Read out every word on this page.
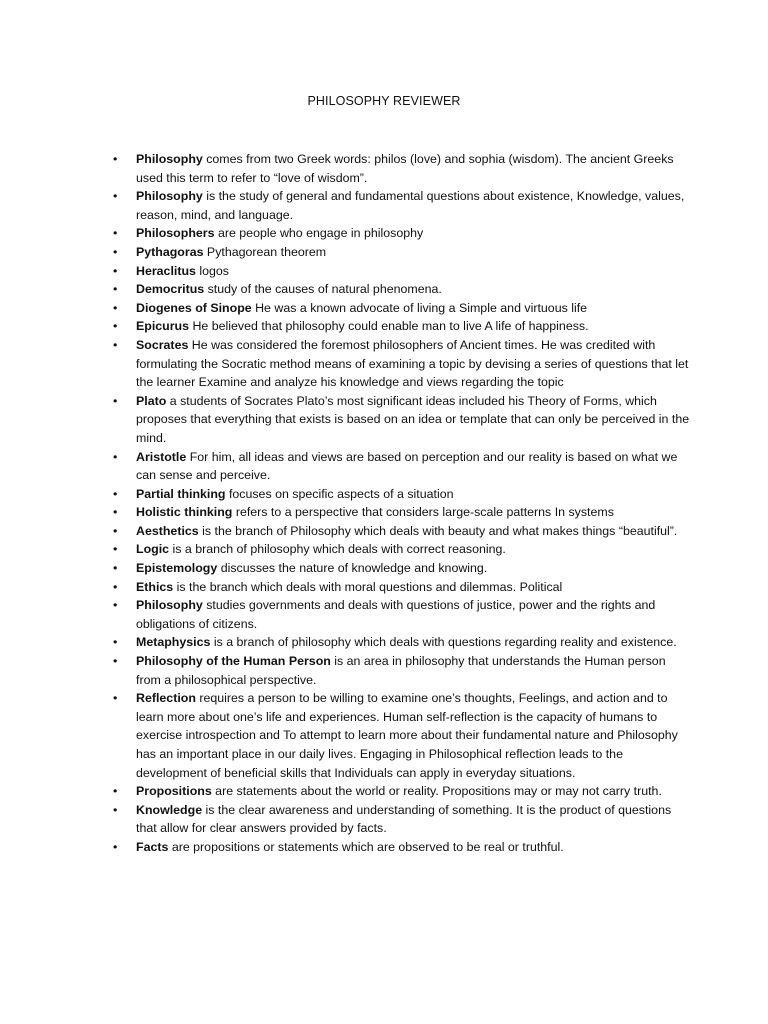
PHILOSOPHY REVIEWER
•	Philosophy comes from two Greek words: philos (love) and sophia (wisdom). The ancient Greeks used this term to refer to “love of wisdom”.
•	Philosophy is the study of general and fundamental questions about existence, Knowledge, values, reason, mind, and language.
•	Philosophers are people who engage in philosophy
•	Pythagoras Pythagorean theorem
•	Heraclitus logos
•	Democritus study of the causes of natural phenomena.
•	Diogenes of Sinope He was a known advocate of living a Simple and virtuous life
•	Epicurus He believed that philosophy could enable man to live A life of happiness.
•	Socrates He was considered the foremost philosophers of Ancient times. He was credited with formulating the Socratic method means of examining a topic by devising a series of questions that let the learner Examine and analyze his knowledge and views regarding the topic
•	Plato a students of Socrates Plato’s most significant ideas included his Theory of Forms, which proposes that everything that exists is based on an idea or template that can only be perceived in the mind.
•	Aristotle For him, all ideas and views are based on perception and our reality is based on what we can sense and perceive.
•	Partial thinking focuses on specific aspects of a situation
•	Holistic thinking refers to a perspective that considers large-scale patterns In systems
•	Aesthetics is the branch of Philosophy which deals with beauty and what makes things “beautiful”.
•	Logic is a branch of philosophy which deals with correct reasoning.
•	Epistemology discusses the nature of knowledge and knowing.
•	Ethics is the branch which deals with moral questions and dilemmas. Political
•	Philosophy studies governments and deals with questions of justice, power and the rights and obligations of citizens.
•	Metaphysics is a branch of philosophy which deals with questions regarding reality and existence.
•	Philosophy of the Human Person is an area in philosophy that understands the Human person from a philosophical perspective.
•	Reflection requires a person to be willing to examine one’s thoughts, Feelings, and action and to learn more about one’s life and experiences. Human self-reflection is the capacity of humans to exercise introspection and To attempt to learn more about their fundamental nature and Philosophy has an important place in our daily lives. Engaging in Philosophical reflection leads to the development of beneficial skills that Individuals can apply in everyday situations.
•	Propositions are statements about the world or reality. Propositions may or may not carry truth.
•	Knowledge is the clear awareness and understanding of something. It is the product of questions that allow for clear answers provided by facts.
•	Facts are propositions or statements which are observed to be real or truthful.
